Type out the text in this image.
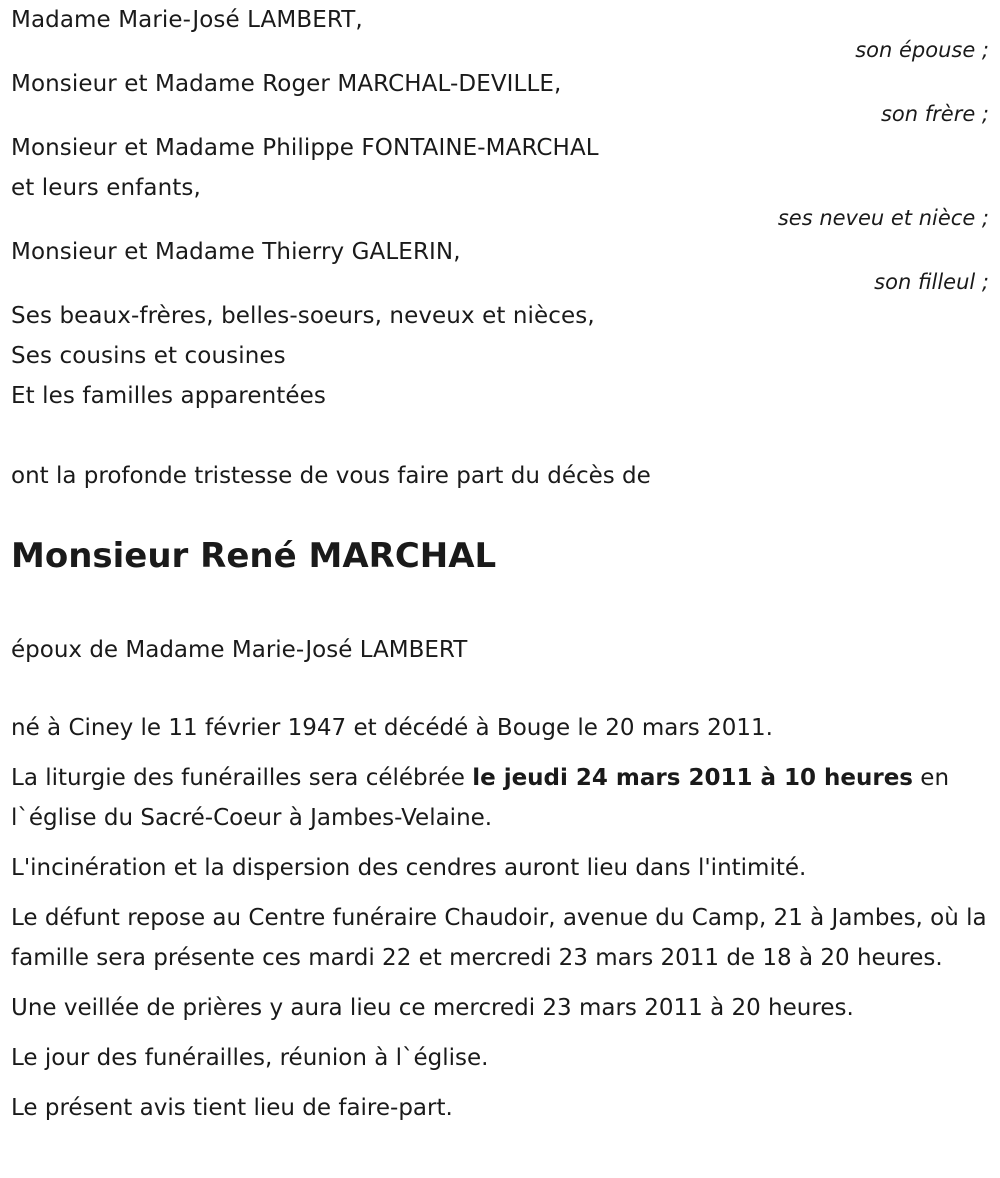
Madame Marie-José LAMBERT,
son épouse ;
Monsieur et Madame Roger MARCHAL-DEVILLE,
son frère ;
Monsieur et Madame Philippe FONTAINE-MARCHAL
et leurs enfants,
ses neveu et nièce ;
Monsieur et Madame Thierry GALERIN,
son filleul ;
Ses beaux-frères, belles-soeurs, neveux et nièces,
Ses cousins et cousines
Et les familles apparentées

ont la profonde tristesse de vous faire part du décès de

Monsieur René MARCHAL

époux de Madame Marie-José LAMBERT

né à Ciney le 11 février 1947 et décédé à Bouge le 20 mars 2011.

La liturgie des funérailles sera célébrée le jeudi 24 mars 2011 à 10 heures en l`église du Sacré-Coeur à Jambes-Velaine.

L'incinération et la dispersion des cendres auront lieu dans l'intimité.

Le défunt repose au Centre funéraire Chaudoir, avenue du Camp, 21 à Jambes, où la famille sera présente ces mardi 22 et mercredi 23 mars 2011 de 18 à 20 heures.

Une veillée de prières y aura lieu ce mercredi 23 mars 2011 à 20 heures.

Le jour des funérailles, réunion à l`église.

Le présent avis tient lieu de faire-part.
